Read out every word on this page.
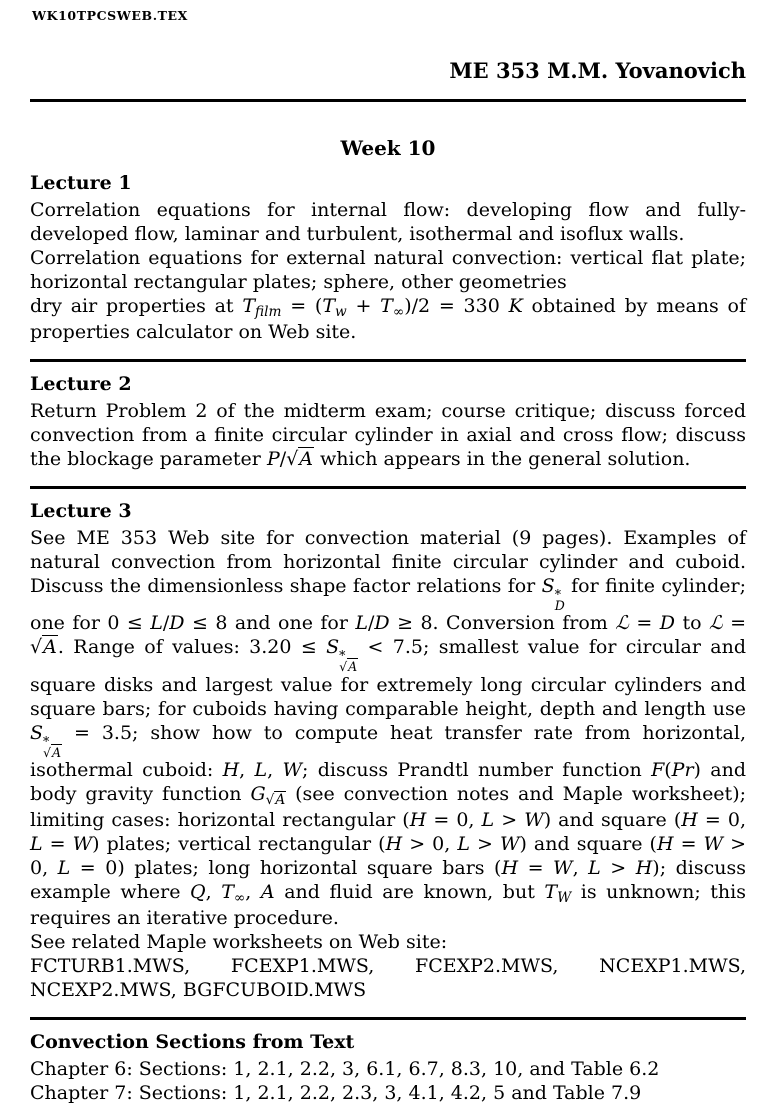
WK10TPCSWEB.TEX
ME 353 M.M. Yovanovich
Week 10
Lecture 1
Correlation equations for internal flow: developing flow and fully-developed flow, laminar and turbulent, isothermal and isoflux walls.
Correlation equations for external natural convection: vertical flat plate; horizontal rectangular plates; sphere, other geometries
dry air properties at $T_{film} = (T_w + T_\infty)/2 = 330$ K obtained by means of properties calculator on Web site.
Lecture 2
Return Problem 2 of the midterm exam; course critique; discuss forced convection from a finite circular cylinder in axial and cross flow; discuss the blockage parameter P/√A which appears in the general solution.
Lecture 3
See ME 353 Web site for convection material (9 pages). Examples of natural convection from horizontal finite circular cylinder and cuboid. Discuss the dimensionless shape factor relations for S *
D
for finite cylinder; one for 0 ≤ L/D ≤ 8 and one for L/D ≥ 8. Conversion from ℒ = D to ℒ = √A. Range of values: 3.20 ≤ S *
√A
< 7.5; smallest value for circular and square disks and largest value for extremely long circular cylinders and square bars; for cuboids having comparable height, depth and length use S *
√A
= 3.5; show how to compute heat transfer rate from horizontal, isothermal cuboid: H, L, W; discuss Prandtl number function F(Pr) and body gravity function $G_{√A}$ (see convection notes and Maple worksheet); limiting cases: horizontal rectangular (H = 0, L > W) and square (H = 0, L = W) plates; vertical rectangular (H > 0, L > W) and square (H = W > 0, L = 0) plates; long horizontal square bars (H = W, L > H); discuss example where Q, $T_\infty$, A and fluid are known, but $T_W$ is unknown; this requires an iterative procedure.
See related Maple worksheets on Web site:
FCTURB1.MWS, FCEXP1.MWS, FCEXP2.MWS, NCEXP1.MWS, NCEXP2.MWS, BGFCUBOID.MWS
Convection Sections from Text
Chapter 6: Sections: 1, 2.1, 2.2, 3, 6.1, 6.7, 8.3, 10, and Table 6.2
Chapter 7: Sections: 1, 2.1, 2.2, 2.3, 3, 4.1, 4.2, 5 and Table 7.9
